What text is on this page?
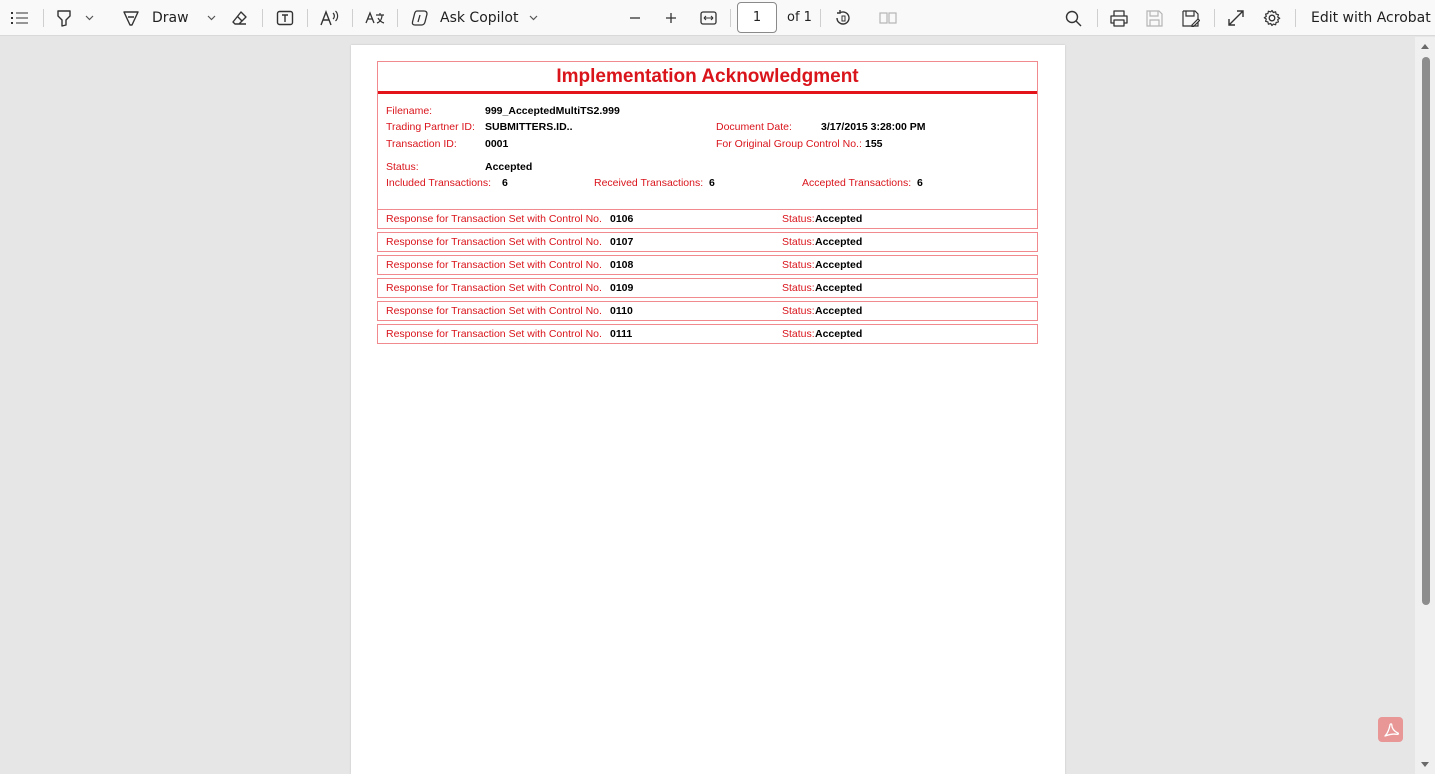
Draw	Ask Copilot
1	of 1	Edit with Acrobat
Implementation Acknowledgment
Filename:	999_AcceptedMultiTS2.999
Trading Partner ID: SUBMITTERS.ID..	Document Date:	3/17/2015 3:28:00 PM
Transaction ID:	0001	For Original Group Control No.: 155
Status:	Accepted
Included Transactions: 6	Received Transactions: 6	Accepted Transactions: 6
Response for Transaction Set with Control No. 0106	Status: Accepted
Response for Transaction Set with Control No. 0107	Status: Accepted
Response for Transaction Set with Control No. 0108	Status: Accepted
Response for Transaction Set with Control No. 0109	Status: Accepted
Response for Transaction Set with Control No. 0110	Status: Accepted
Response for Transaction Set with Control No. 0111	Status: Accepted
